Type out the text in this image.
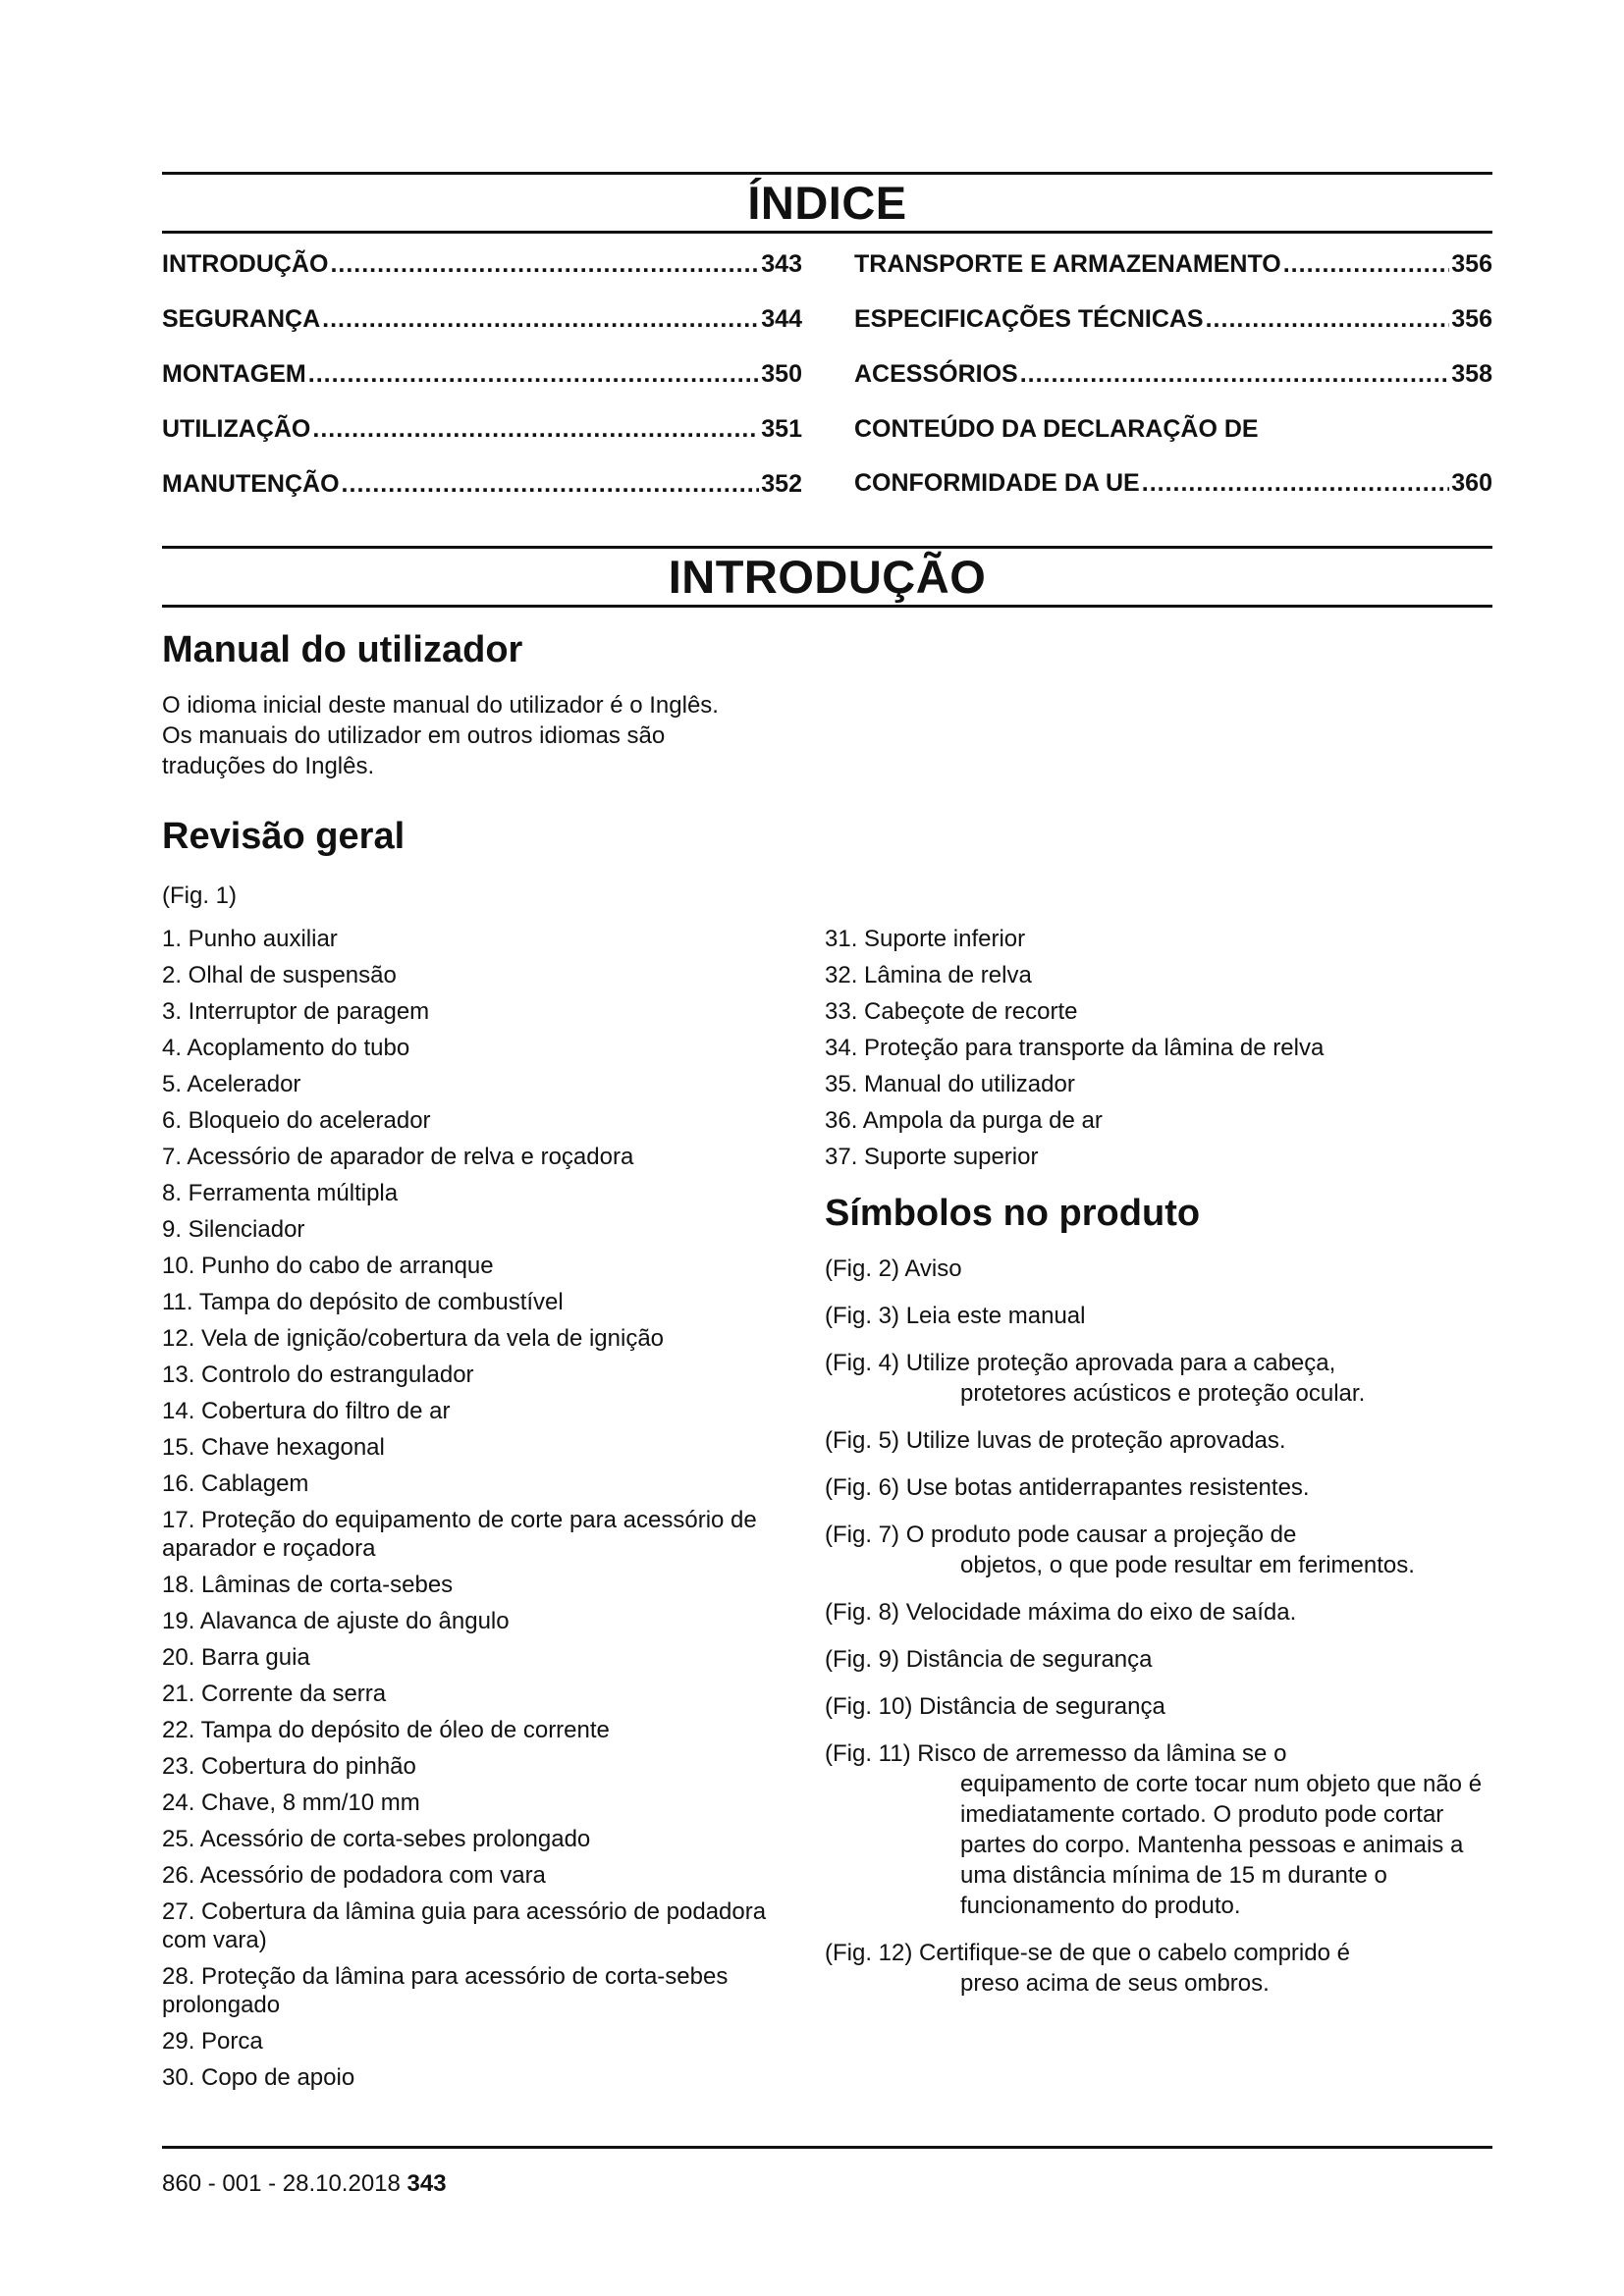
ÍNDICE
INTRODUÇÃO .....	343
SEGURANÇA .....	344
MONTAGEM .....	350
UTILIZAÇÃO .....	351
MANUTENÇÃO .....	352
TRANSPORTE E ARMAZENAMENTO .....	356
ESPECIFICAÇÕES TÉCNICAS .....	356
ACESSÓRIOS .....	358
CONTEÚDO DA DECLARAÇÃO DE
CONFORMIDADE DA UE .....	360
INTRODUÇÃO
Manual do utilizador

O idioma inicial deste manual do utilizador é o Inglês.

Os manuais do utilizador em outros idiomas são

traduções do Inglês.

Revisão geral

(Fig. 1)

1. Punho auxiliar
2. Olhal de suspensão
3. Interruptor de paragem
4. Acoplamento do tubo
5. Acelerador
6. Bloqueio do acelerador
7. Acessório de aparador de relva e roçadora
8. Ferramenta múltipla
9. Silenciador
10. Punho do cabo de arranque
11. Tampa do depósito de combustível
12. Vela de ignição/cobertura da vela de ignição
13. Controlo do estrangulador
14. Cobertura do filtro de ar
15. Chave hexagonal
16. Cablagem
17. Proteção do equipamento de corte para acessório de aparador e roçadora
18. Lâminas de corta-sebes
19. Alavanca de ajuste do ângulo
20. Barra guia
21. Corrente da serra
22. Tampa do depósito de óleo de corrente
23. Cobertura do pinhão
24. Chave, 8 mm/10 mm
25. Acessório de corta-sebes prolongado
26. Acessório de podadora com vara
27. Cobertura da lâmina guia para acessório de podadora com vara)
28. Proteção da lâmina para acessório de corta-sebes prolongado
29. Porca
30. Copo de apoio
31. Suporte inferior
32. Lâmina de relva
33. Cabeçote de recorte
34. Proteção para transporte da lâmina de relva
35. Manual do utilizador
36. Ampola da purga de ar
37. Suporte superior
Símbolos no produto
(Fig. 2) Aviso
(Fig. 3) Leia este manual
(Fig. 4) Utilize proteção aprovada para a cabeça,
protetores acústicos e proteção ocular.
(Fig. 5) Utilize luvas de proteção aprovadas.
(Fig. 6) Use botas antiderrapantes resistentes.
(Fig. 7) O produto pode causar a projeção de
objetos, o que pode resultar em ferimentos.
(Fig. 8) Velocidade máxima do eixo de saída.
(Fig. 9) Distância de segurança
(Fig. 10) Distância de segurança
(Fig. 11) Risco de arremesso da lâmina se o
equipamento de corte tocar num objeto que não é imediatamente cortado. O produto pode cortar partes do corpo. Mantenha pessoas e animais a uma distância mínima de 15 m durante o funcionamento do produto.
(Fig. 12) Certifique-se de que o cabelo comprido é
preso acima de seus ombros.
860 - 001 - 28.10.2018 343
